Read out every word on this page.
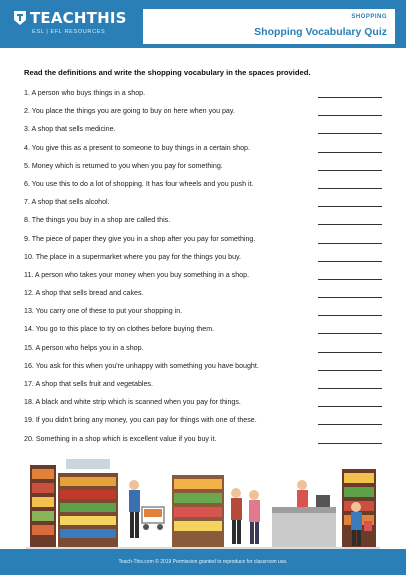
TEACHTHIS
ESL | EFL RESOURCES
SHOPPING
Shopping Vocabulary Quiz
Read the definitions and write the shopping vocabulary in the spaces provided.
1. A person who buys things in a shop.
2. You place the things you are going to buy on here when you pay.
3. A shop that sells medicine.
4. You give this as a present to someone to buy things in a certain shop.
5. Money which is returned to you when you pay for something.
6. You use this to do a lot of shopping. It has four wheels and you push it.
7. A shop that sells alcohol.
8. The things you buy in a shop are called this.
9. The piece of paper they give you in a shop after you pay for something.
10. The place in a supermarket where you pay for the things you buy.
11. A person who takes your money when you buy something in a shop.
12. A shop that sells bread and cakes.
13. You carry one of these to put your shopping in.
14. You go to this place to try on clothes before buying them.
15. A person who helps you in a shop.
16. You ask for this when you're unhappy with something you have bought.
17. A shop that sells fruit and vegetables.
18. A black and white strip which is scanned when you pay for things.
19. If you didn't bring any money, you can pay for things with one of these.
20. Something in a shop which is excellent value if you buy it.
Teach-This.com © 2019 Permission granted to reproduce for classroom use.
